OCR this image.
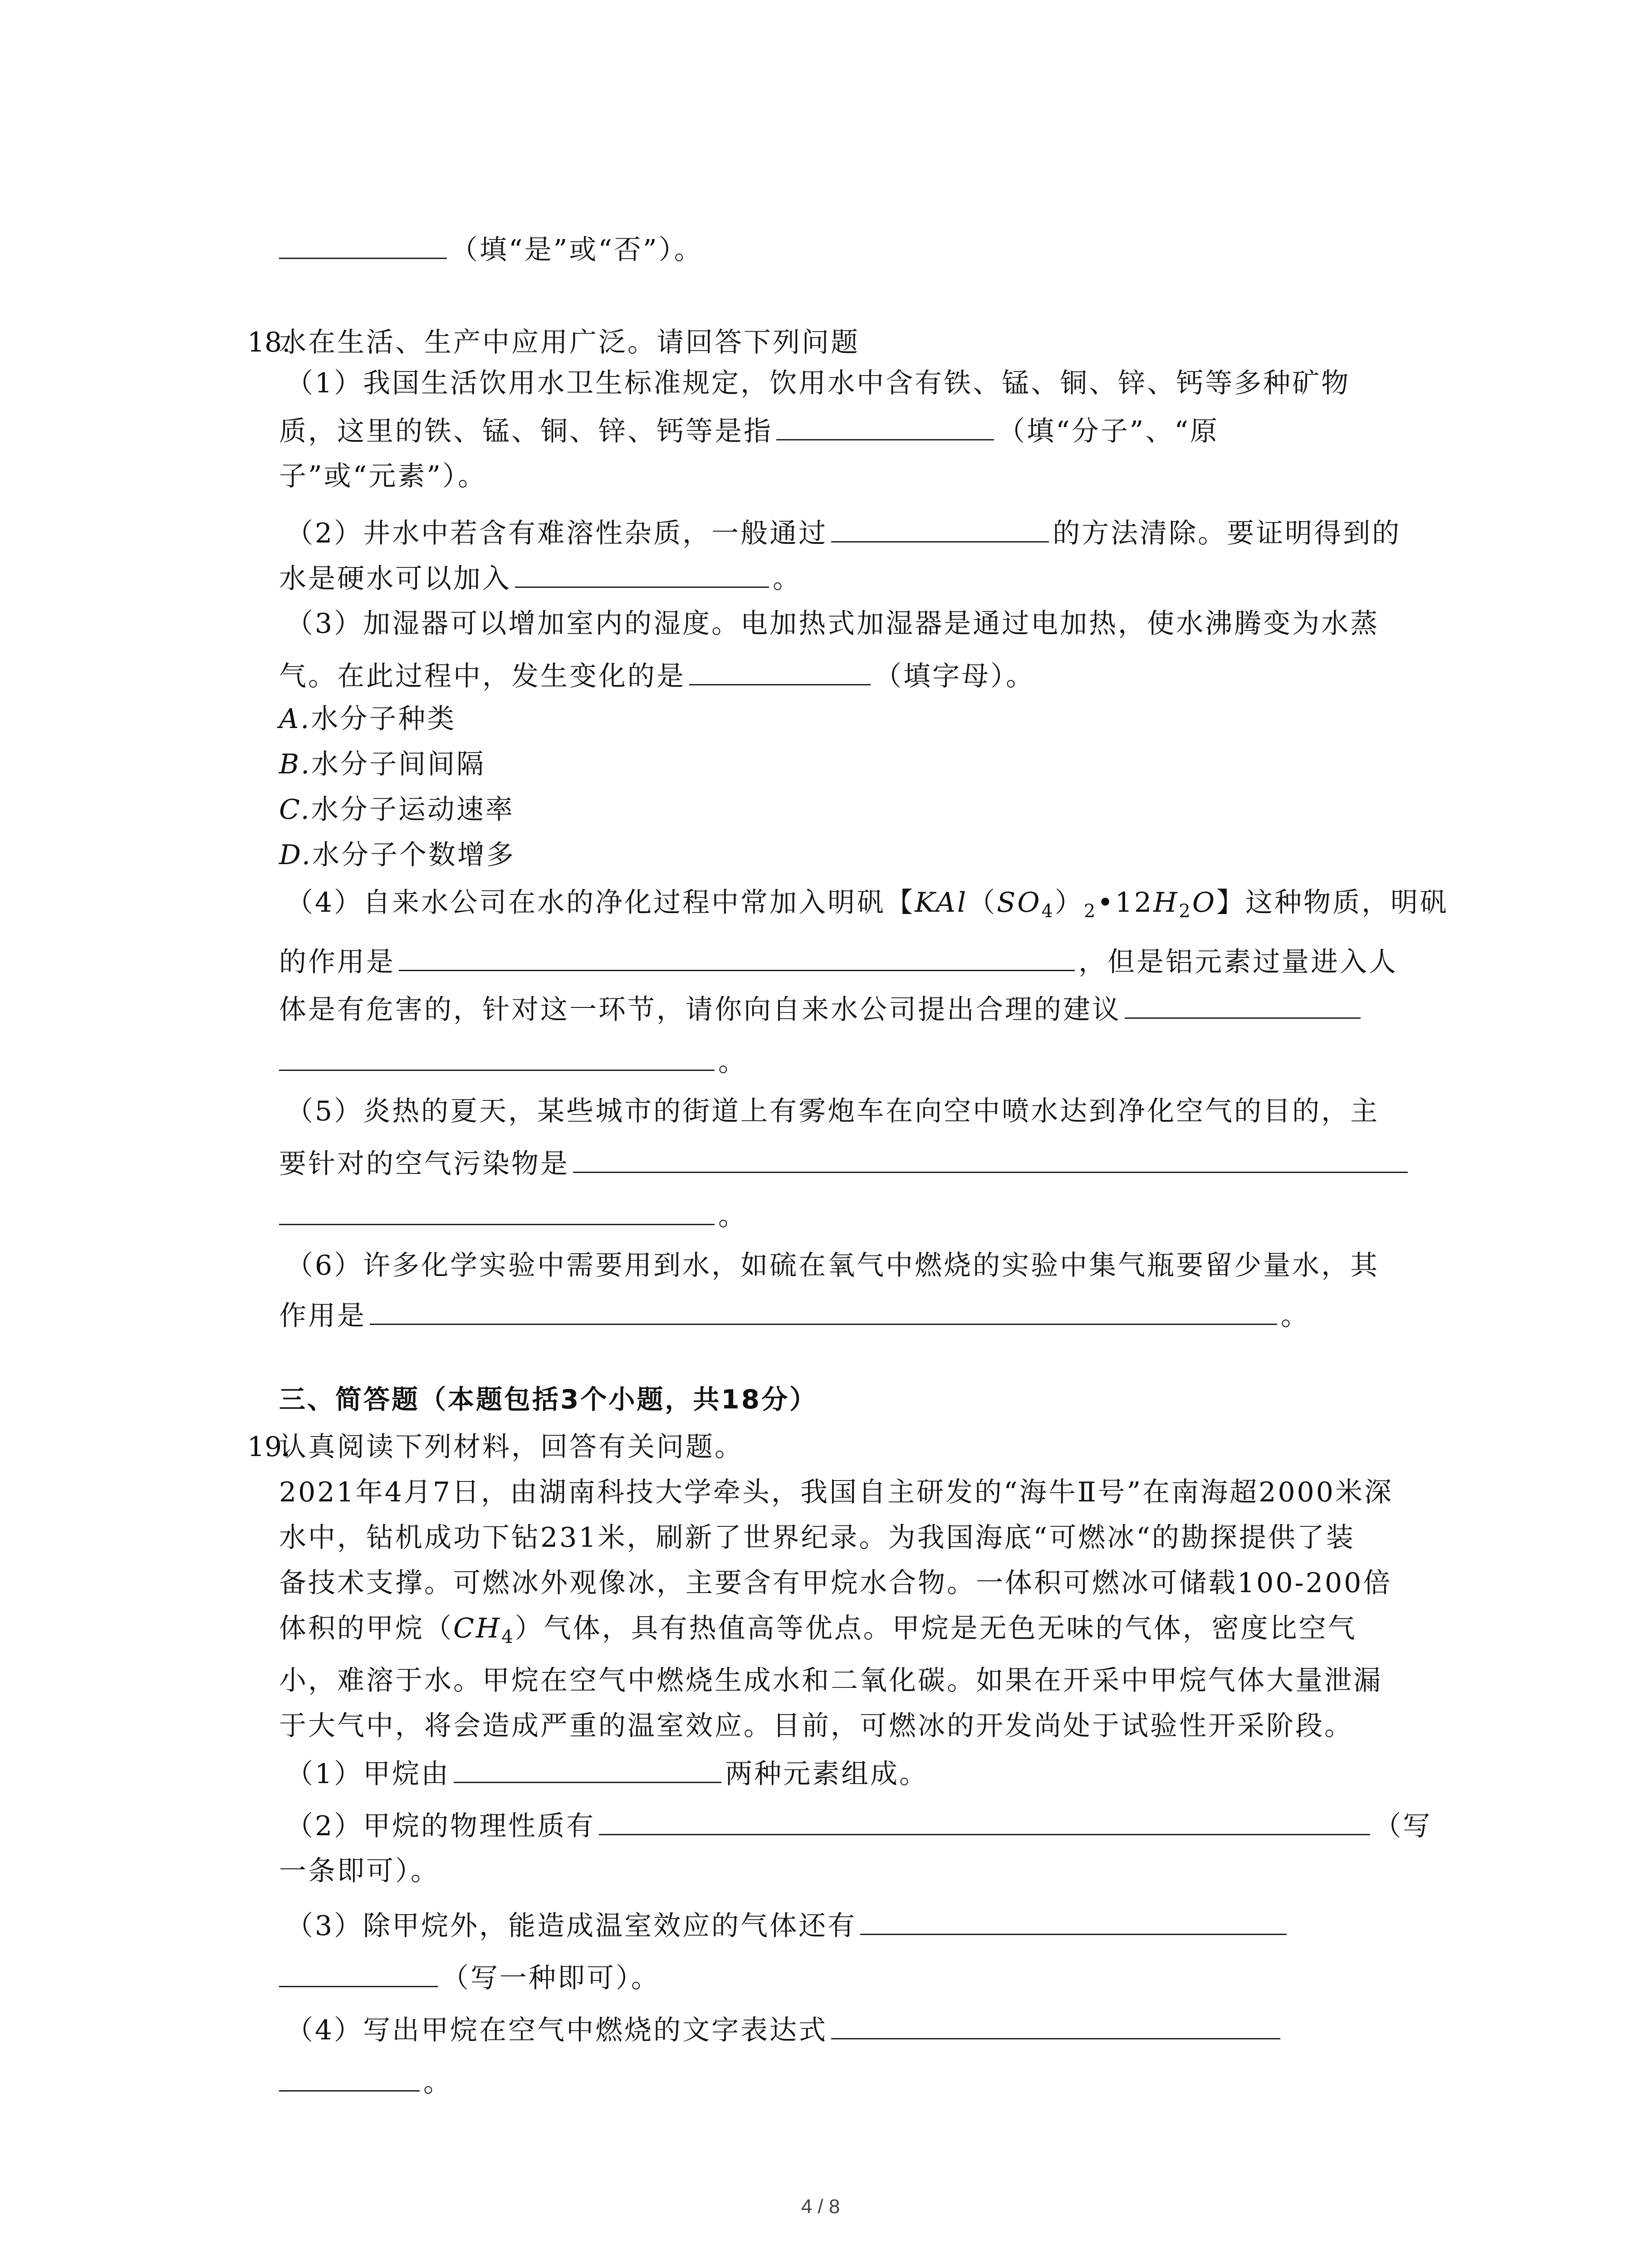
（填“是”或“否”）。
18.
水在生活、生产中应用广泛。请回答下列问题
（1）我国生活饮用水卫生标准规定，饮用水中含有铁、锰、铜、锌、钙等多种矿物
质，这里的铁、锰、铜、锌、钙等是指	（填“分子”、“原
子”或“元素”）。
（2）井水中若含有难溶性杂质，一般通过	的方法清除。要证明得到的
水是硬水可以加入	。
（3）加湿器可以增加室内的湿度。电加热式加湿器是通过电加热，使水沸腾变为水蒸
气。在此过程中，发生变化的是	（填字母）。
A.水分子种类
B.水分子间间隔
C.水分子运动速率
D.水分子个数增多
（4）自来水公司在水的净化过程中常加入明矾【$KAl(SO_4)_2•12H_2O$】这种物质，明矾
的作用是	，但是铝元素过量进入人
体是有危害的，针对这一环节，请你向自来水公司提出合理的建议
。
（5）炎热的夏天，某些城市的街道上有雾炮车在向空中喷水达到净化空气的目的，主
要针对的空气污染物是
。
（6）许多化学实验中需要用到水，如硫在氧气中燃烧的实验中集气瓶要留少量水，其
作用是	。
三、简答题（本题包括3个小题，共18分）
19.
认真阅读下列材料，回答有关问题。
2021年4月7日，由湖南科技大学牵头，我国自主研发的“海牛Ⅱ号”在南海超2000米深
水中，钻机成功下钻231米，刷新了世界纪录。为我国海底“可燃冰“的勘探提供了装
备技术支撑。可燃冰外观像冰，主要含有甲烷水合物。一体积可燃冰可储载100-200倍
体积的甲烷$(CH_4)$气体，具有热值高等优点。甲烷是无色无味的气体，密度比空气
小，难溶于水。甲烷在空气中燃烧生成水和二氧化碳。如果在开采中甲烷气体大量泄漏
于大气中，将会造成严重的温室效应。目前，可燃冰的开发尚处于试验性开采阶段。
（1）甲烷由	两种元素组成。
（2）甲烷的物理性质有	（写
一条即可）。
（3）除甲烷外，能造成温室效应的气体还有
（写一种即可）。
（4）写出甲烷在空气中燃烧的文字表达式
。
4 / 8
